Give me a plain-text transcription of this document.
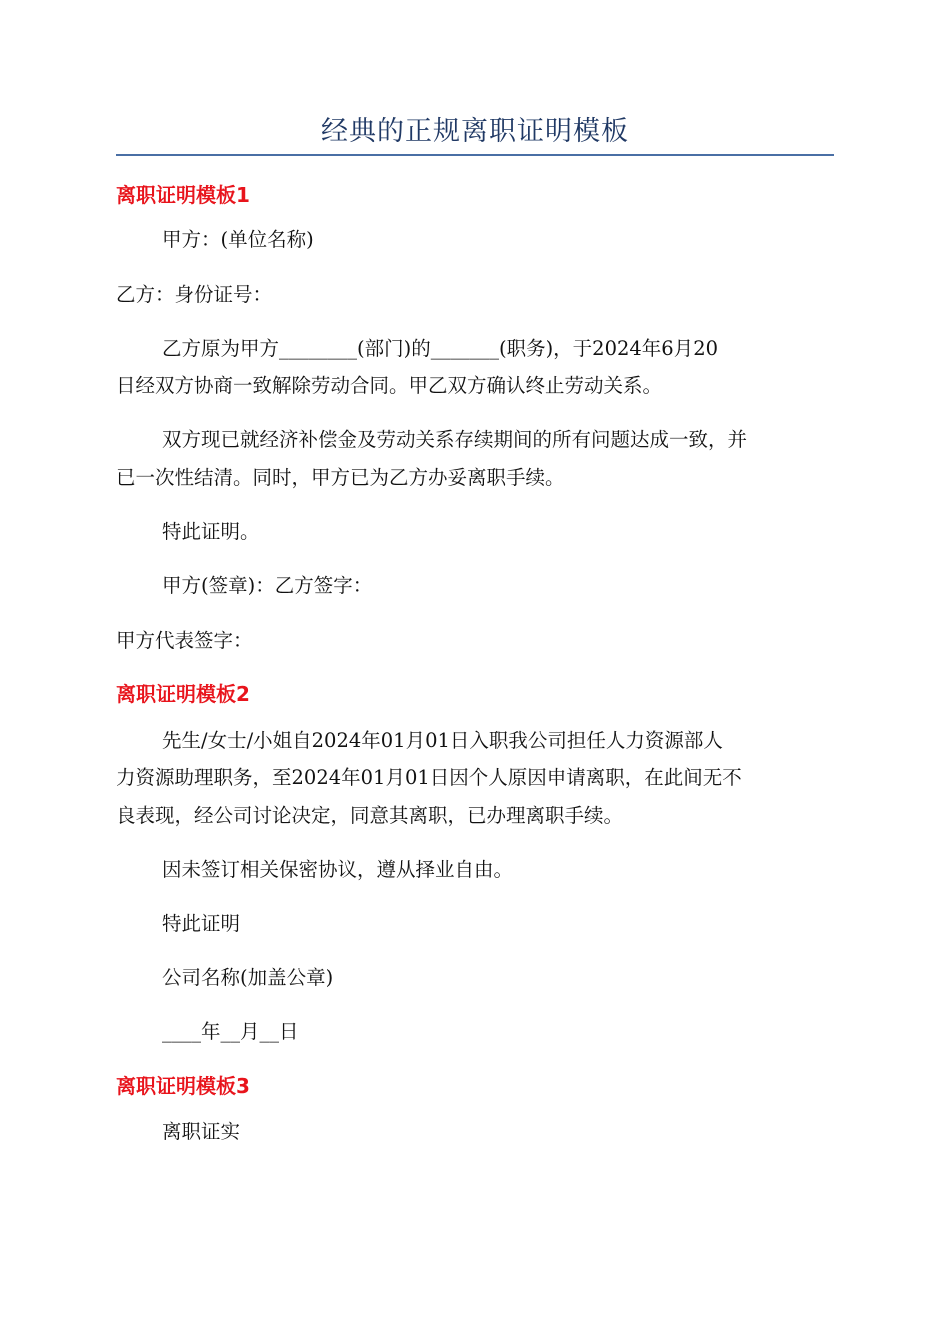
经典的正规离职证明模板
离职证明模板1
甲方：(单位名称)
乙方：身份证号：
乙方原为甲方________(部门)的_______(职务)，于2024年6月20
日经双方协商一致解除劳动合同。甲乙双方确认终止劳动关系。
双方现已就经济补偿金及劳动关系存续期间的所有问题达成一致，并
已一次性结清。同时，甲方已为乙方办妥离职手续。
特此证明。
甲方(签章)：乙方签字：
甲方代表签字：
离职证明模板2
先生/女士/小姐自2024年01月01日入职我公司担任人力资源部人
力资源助理职务，至2024年01月01日因个人原因申请离职，在此间无不
良表现，经公司讨论决定，同意其离职，已办理离职手续。
因未签订相关保密协议，遵从择业自由。
特此证明
公司名称(加盖公章)
____年__月__日
离职证明模板3
离职证实
